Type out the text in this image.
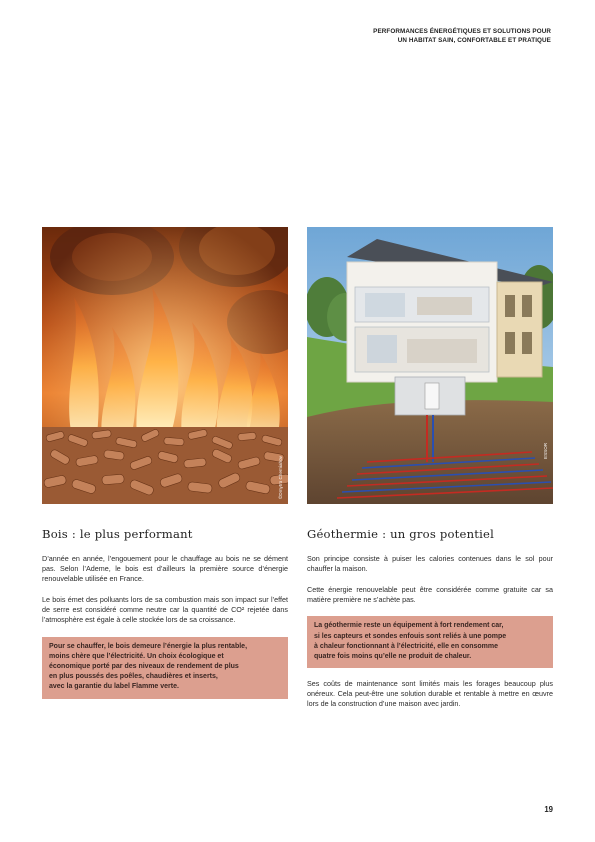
PERFORMANCES ÉNERGÉTIQUES ET SOLUTIONS POUR
UN HABITAT SAIN, CONFORTABLE ET PRATIQUE
©Dmytro Cherniahov
ESSOR
Bois : le plus performant

D’année en année, l’engouement pour le chauffage au bois ne se dément pas. Selon l’Ademe, le bois est d’ailleurs la première source d’énergie renouvelable utilisée en France.

Le bois émet des polluants lors de sa combustion mais son impact sur l’effet de serre est considéré comme neutre car la quantité de CO² rejetée dans l’atmosphère est égale à celle stockée lors de sa croissance.

Pour se chauffer, le bois demeure l’énergie la plus rentable,
moins chère que l’électricité. Un choix écologique et
économique porté par des niveaux de rendement de plus
en plus poussés des poêles, chaudières et inserts,
avec la garantie du label Flamme verte.
Géothermie : un gros potentiel

Son principe consiste à puiser les calories contenues dans le sol pour chauffer la maison.

Cette énergie renouvelable peut être considérée comme gratuite car sa matière première ne s’achète pas.

La géothermie reste un équipement à fort rendement car,
si les capteurs et sondes enfouis sont reliés à une pompe
à chaleur fonctionnant à l’électricité, elle en consomme
quatre fois moins qu’elle ne produit de chaleur.

Ses coûts de maintenance sont limités mais les forages beaucoup plus onéreux. Cela peut-être une solution durable et rentable à mettre en œuvre lors de la construction d’une maison avec jardin.

19
